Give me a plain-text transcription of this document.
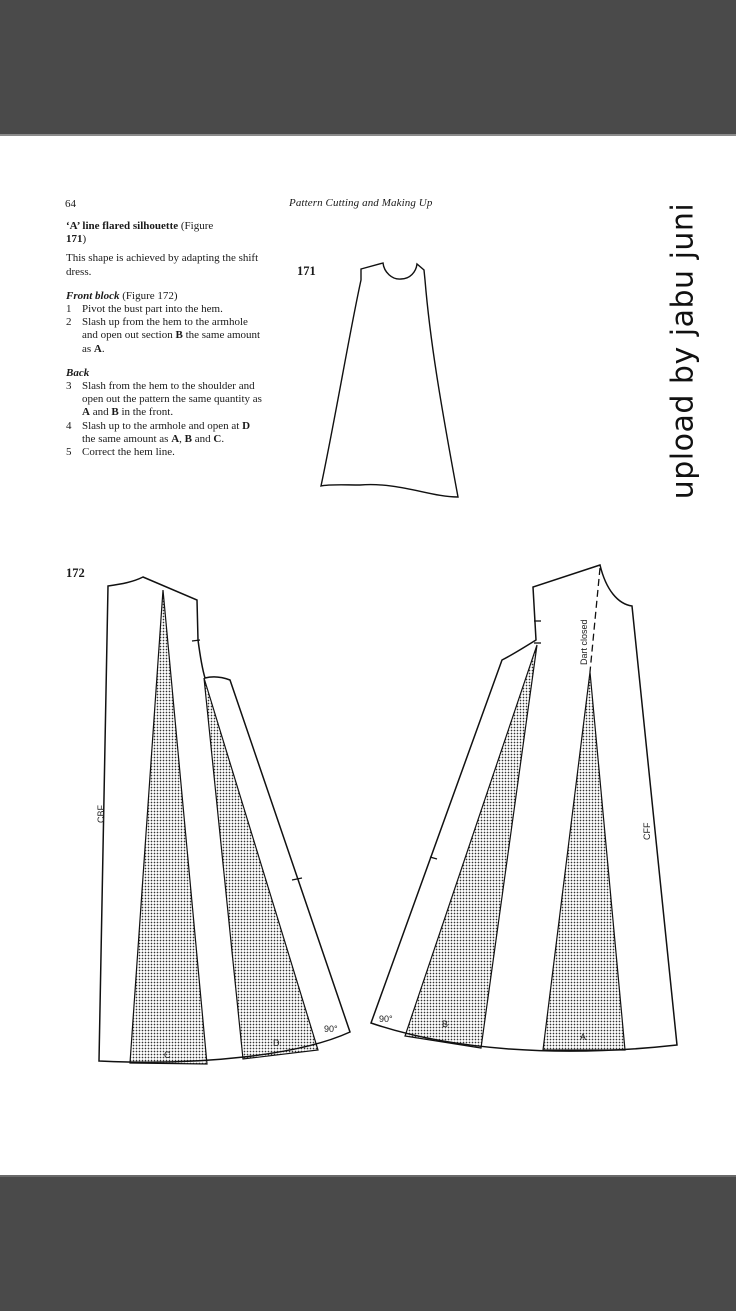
64	Pattern Cutting and Making Up

‘A’ line flared silhouette (Figure
171)

This shape is achieved by adapting the shift dress.

Front block (Figure 172)

1 Pivot the bust part into the hem.
2 Slash up from the hem to the armhole and open out section B the same amount as A.

Back

3 Slash from the hem to the shoulder and open out the pattern the same quantity as A and B in the front.
4 Slash up to the armhole and open at D the same amount as A, B and C.
5 Correct the hem line.
171
172
upload by jabu juni
CBF
C
D
90°
Dart closed
CFF
90°	B
A
